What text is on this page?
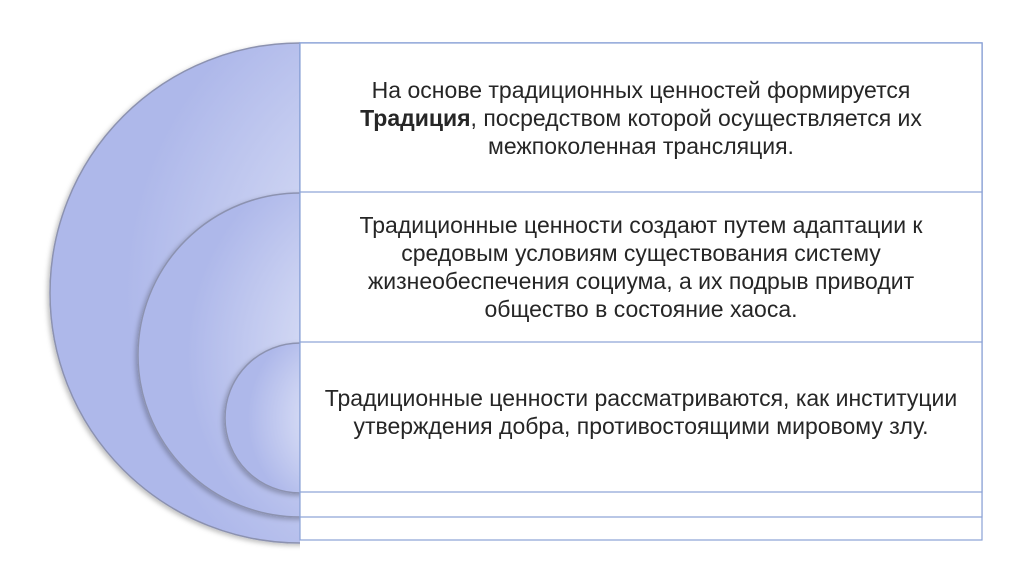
На основе традиционных ценностей формируется Традиция, посредством которой осуществляется их межпоколенная трансляция.

Традиционные ценности создают путем адаптации к средовым условиям существования систему жизнеобеспечения социума, а их подрыв приводит общество в состояние хаоса.

Традиционные ценности рассматриваются, как институции утверждения добра, противостоящими мировому злу.
